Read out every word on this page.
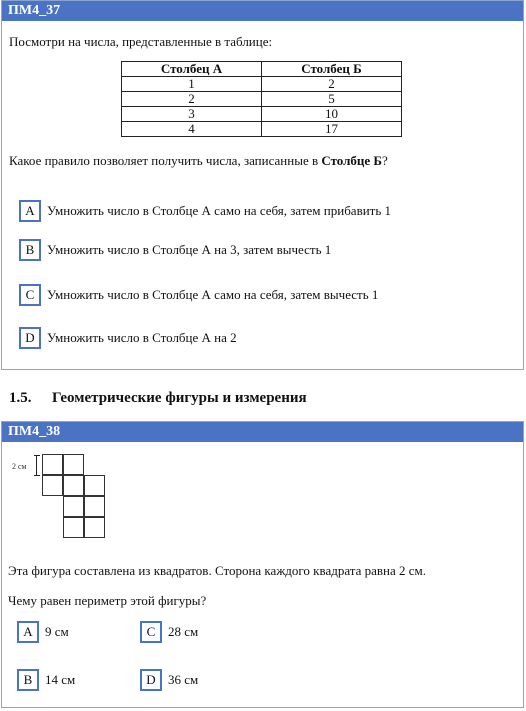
ПМ4_37
Посмотри на числа, представленные в таблице:
Столбец А	Столбец Б
1	2
2	5
3	10
4	17
Какое правило позволяет получить числа, записанные в Столбце Б?
A Умножить число в Столбце А само на себя, затем прибавить 1
B Умножить число в Столбце А на 3, затем вычесть 1
C Умножить число в Столбце А само на себя, затем вычесть 1
D Умножить число в Столбце А на 2
1.5. Геометрические фигуры и измерения
ПМ4_38
2 см
Эта фигура составлена из квадратов. Сторона каждого квадрата равна 2 см.
Чему равен периметр этой фигуры?
A 9 см	C 28 см
B 14 см	D 36 см
